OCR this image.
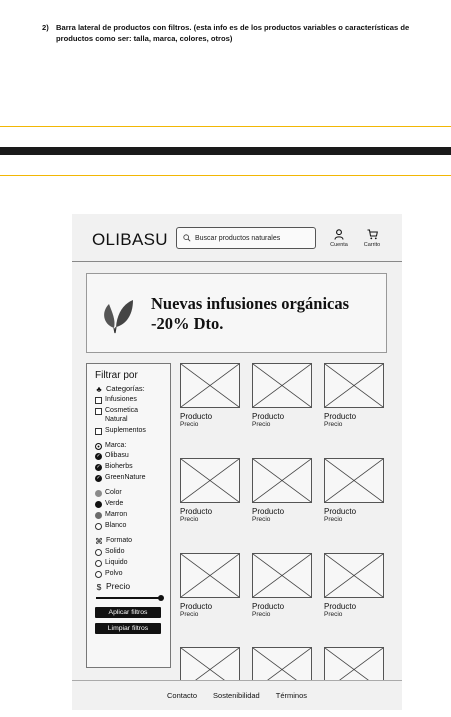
2) Barra lateral de productos con filtros. (esta info es de los productos variables o características de productos como ser: talla, marca, colores, otros)
OLIBASU	Buscar productos naturales
Cuenta	Carrito
Nuevas infusiones orgánicas
-20% Dto.
Filtrar por
♣ Categorías:
Infusiones
Cosmetica Natural
Suplementos
Marca:
✓ Olibasu
✓ Bioherbs
✓ GreenNature
Color
Verde
Marron
Blanco
⌘ Formato
Solido
Liquido
Polvo
$ Precio
Aplicar filtros
Limpiar filtros
Producto
Precio
Producto
Precio
Producto
Precio
Producto
Precio
Producto
Precio
Producto
Precio
Producto
Precio
Producto
Precio
Producto
Precio
Contacto Sostenibilidad Términos
